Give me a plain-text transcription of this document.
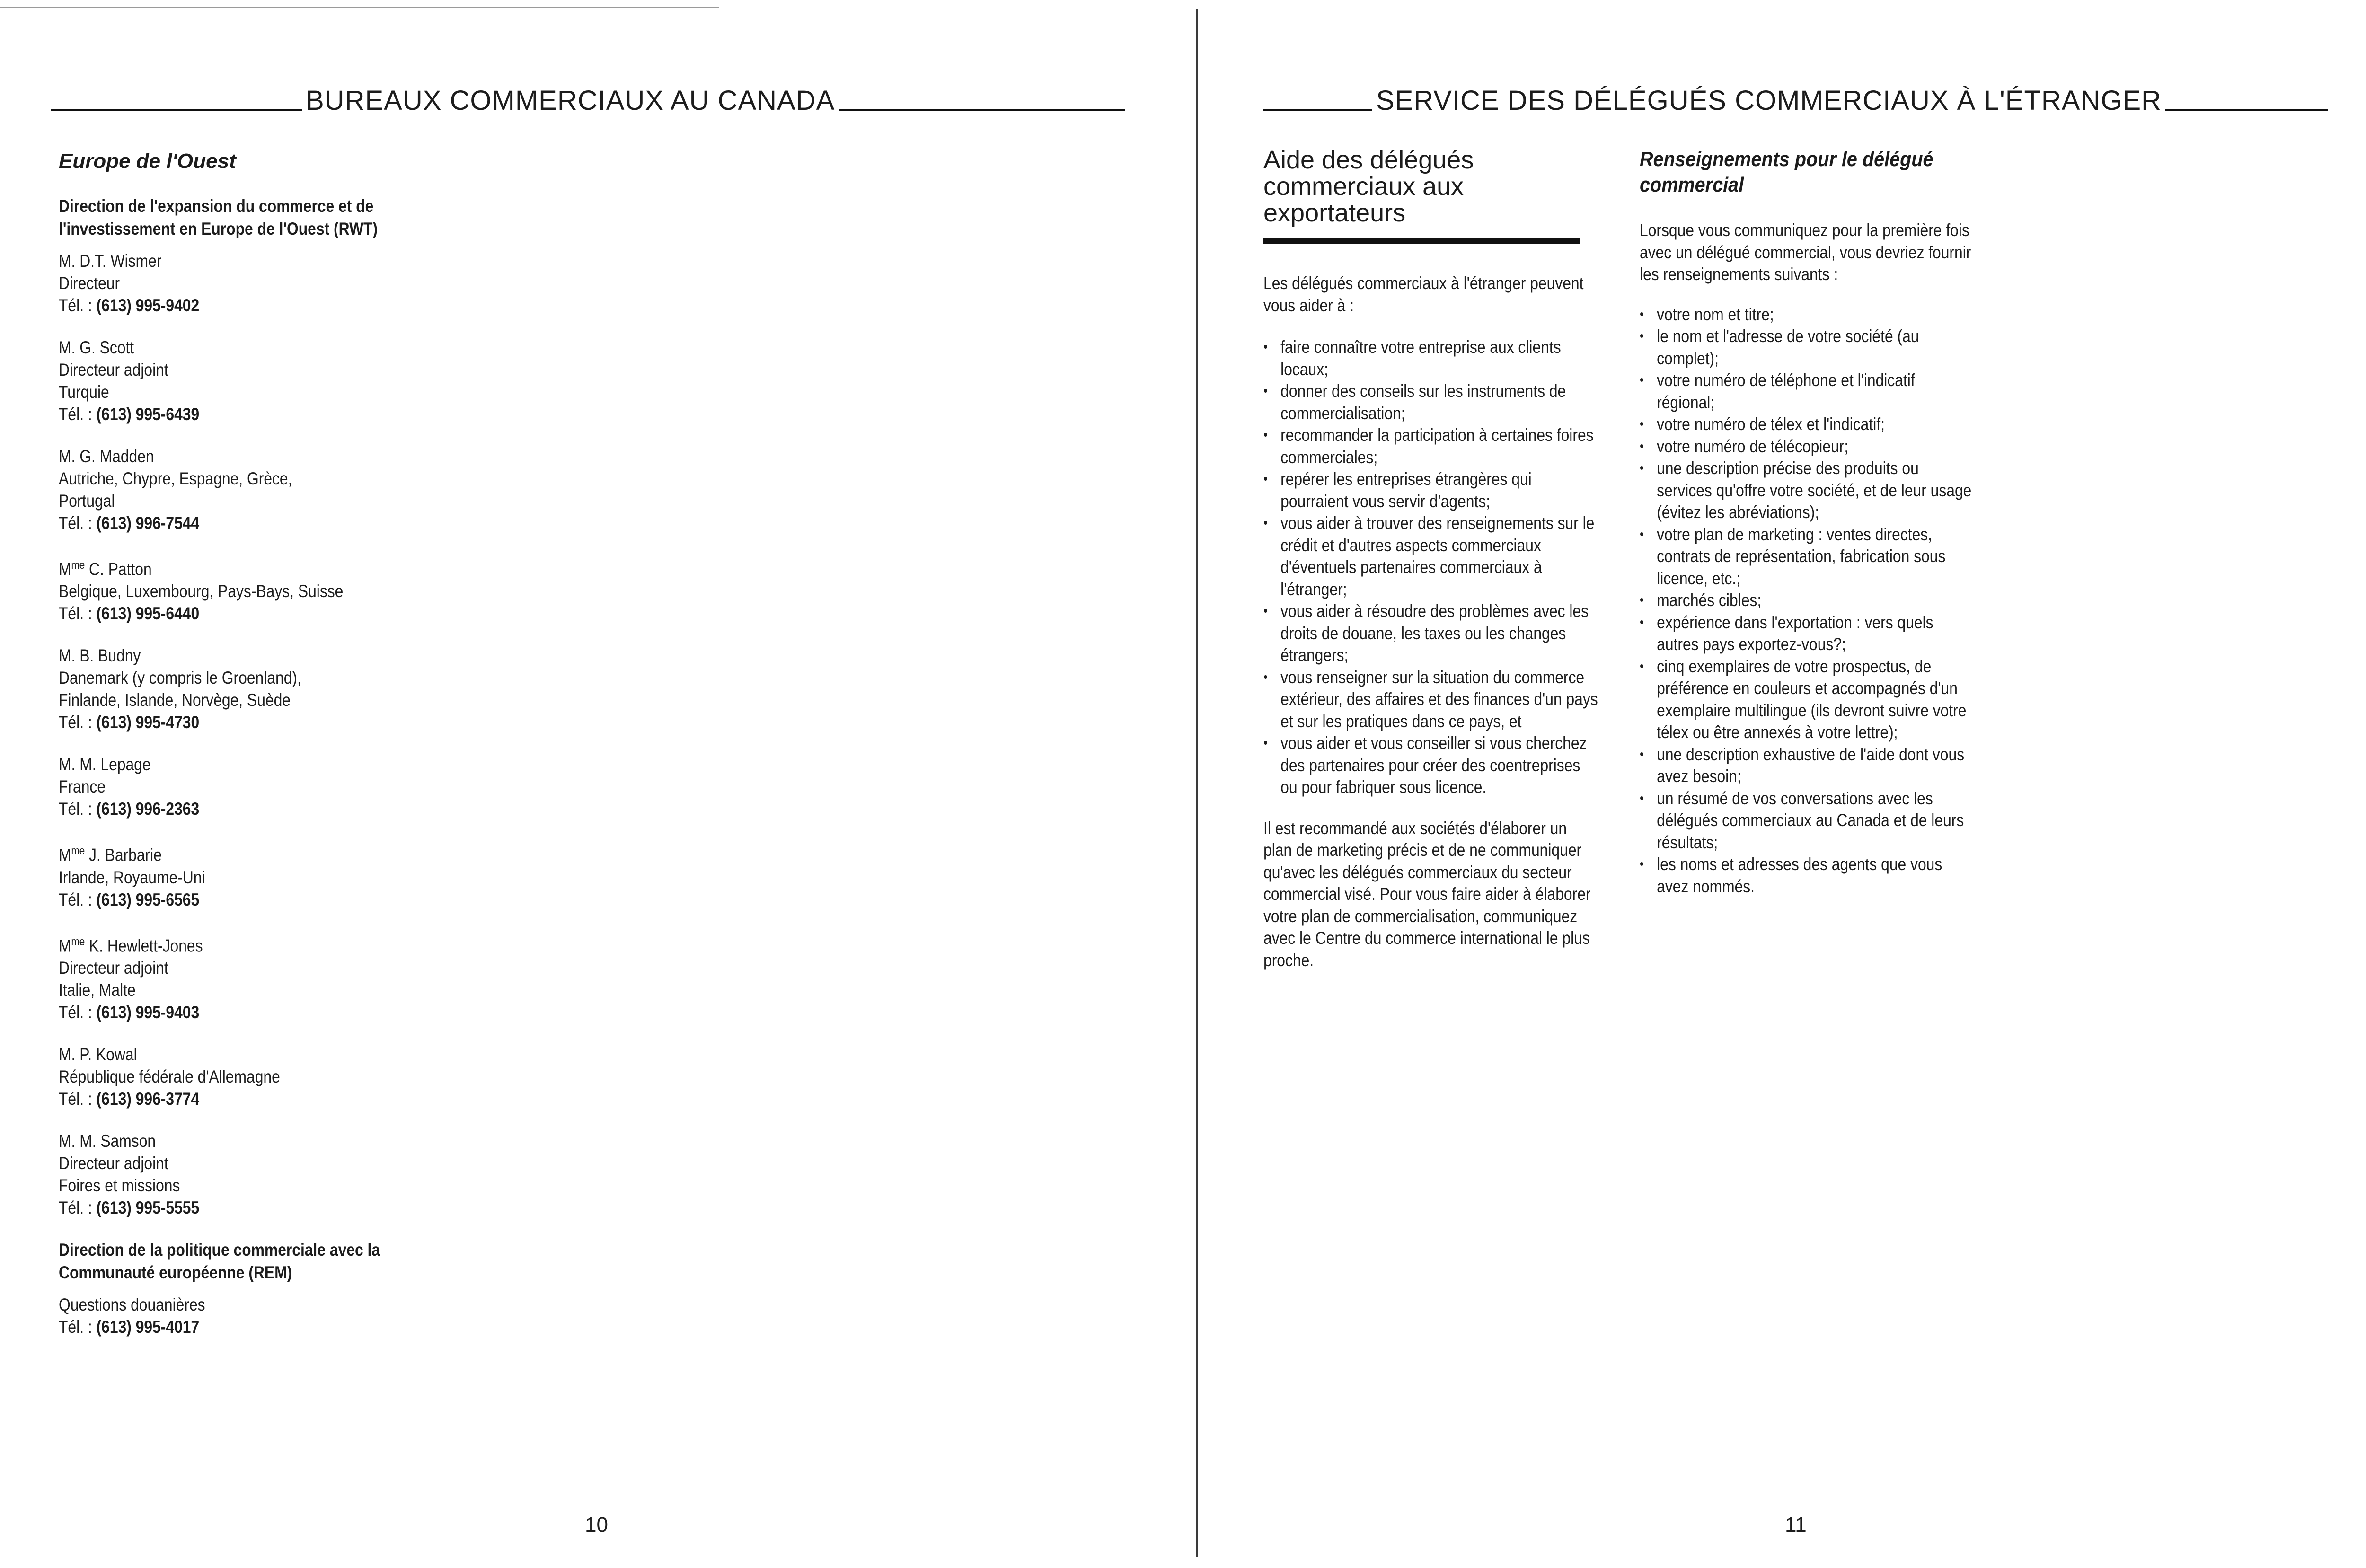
BUREAUX COMMERCIAUX AU CANADA
Europe de l'Ouest
Direction de l'expansion du commerce et de l'investissement en Europe de l'Ouest (RWT)
M. D.T. Wismer
Directeur
Tél. : (613) 995-9402
M. G. Scott
Directeur adjoint
Turquie
Tél. : (613) 995-6439
M. G. Madden
Autriche, Chypre, Espagne, Grèce,
Portugal
Tél. : (613) 996-7544
$M^{me}$ C. Patton
Belgique, Luxembourg, Pays-Bays, Suisse
Tél. : (613) 995-6440
M. B. Budny
Danemark (y compris le Groenland),
Finlande, Islande, Norvège, Suède
Tél. : (613) 995-4730
M. M. Lepage
France
Tél. : (613) 996-2363
$M^{me}$ J. Barbarie
Irlande, Royaume-Uni
Tél. : (613) 995-6565
$M^{me}$ K. Hewlett-Jones
Directeur adjoint
Italie, Malte
Tél. : (613) 995-9403
M. P. Kowal
République fédérale d'Allemagne
Tél. : (613) 996-3774
M. M. Samson
Directeur adjoint
Foires et missions
Tél. : (613) 995-5555
Direction de la politique commerciale avec la Communauté européenne (REM)
Questions douanières
Tél. : (613) 995-4017
10
SERVICE DES DÉLÉGUÉS COMMERCIAUX À L'ÉTRANGER
Aide des délégués commerciaux aux exportateurs

Les délégués commerciaux à l'étranger peuvent vous aider à :

• faire connaître votre entreprise aux clients locaux;
• donner des conseils sur les instruments de commercialisation;
• recommander la participation à certaines foires commerciales;
• repérer les entreprises étrangères qui pourraient vous servir d'agents;
• vous aider à trouver des renseignements sur le crédit et d'autres aspects commerciaux d'éventuels partenaires commerciaux à l'étranger;
• vous aider à résoudre des problèmes avec les droits de douane, les taxes ou les changes étrangers;
• vous renseigner sur la situation du commerce extérieur, des affaires et des finances d'un pays et sur les pratiques dans ce pays, et
• vous aider et vous conseiller si vous cherchez des partenaires pour créer des coentreprises ou pour fabriquer sous licence.

Il est recommandé aux sociétés d'élaborer un plan de marketing précis et de ne communiquer qu'avec les délégués commerciaux du secteur commercial visé. Pour vous faire aider à élaborer votre plan de commercialisation, communiquez avec le Centre du commerce international le plus proche.

Renseignements pour le délégué commercial

Lorsque vous communiquez pour la première fois avec un délégué commercial, vous devriez fournir les renseignements suivants :

• votre nom et titre;
• le nom et l'adresse de votre société (au complet);
• votre numéro de téléphone et l'indicatif régional;
• votre numéro de télex et l'indicatif;
• votre numéro de télécopieur;
• une description précise des produits ou services qu'offre votre société, et de leur usage (évitez les abréviations);
• votre plan de marketing : ventes directes, contrats de représentation, fabrication sous licence, etc.;
• marchés cibles;
• expérience dans l'exportation : vers quels autres pays exportez-vous?;
• cinq exemplaires de votre prospectus, de préférence en couleurs et accompagnés d'un exemplaire multilingue (ils devront suivre votre télex ou être annexés à votre lettre);
• une description exhaustive de l'aide dont vous avez besoin;
• un résumé de vos conversations avec les délégués commerciaux au Canada et de leurs résultats;
• les noms et adresses des agents que vous avez nommés.
11
